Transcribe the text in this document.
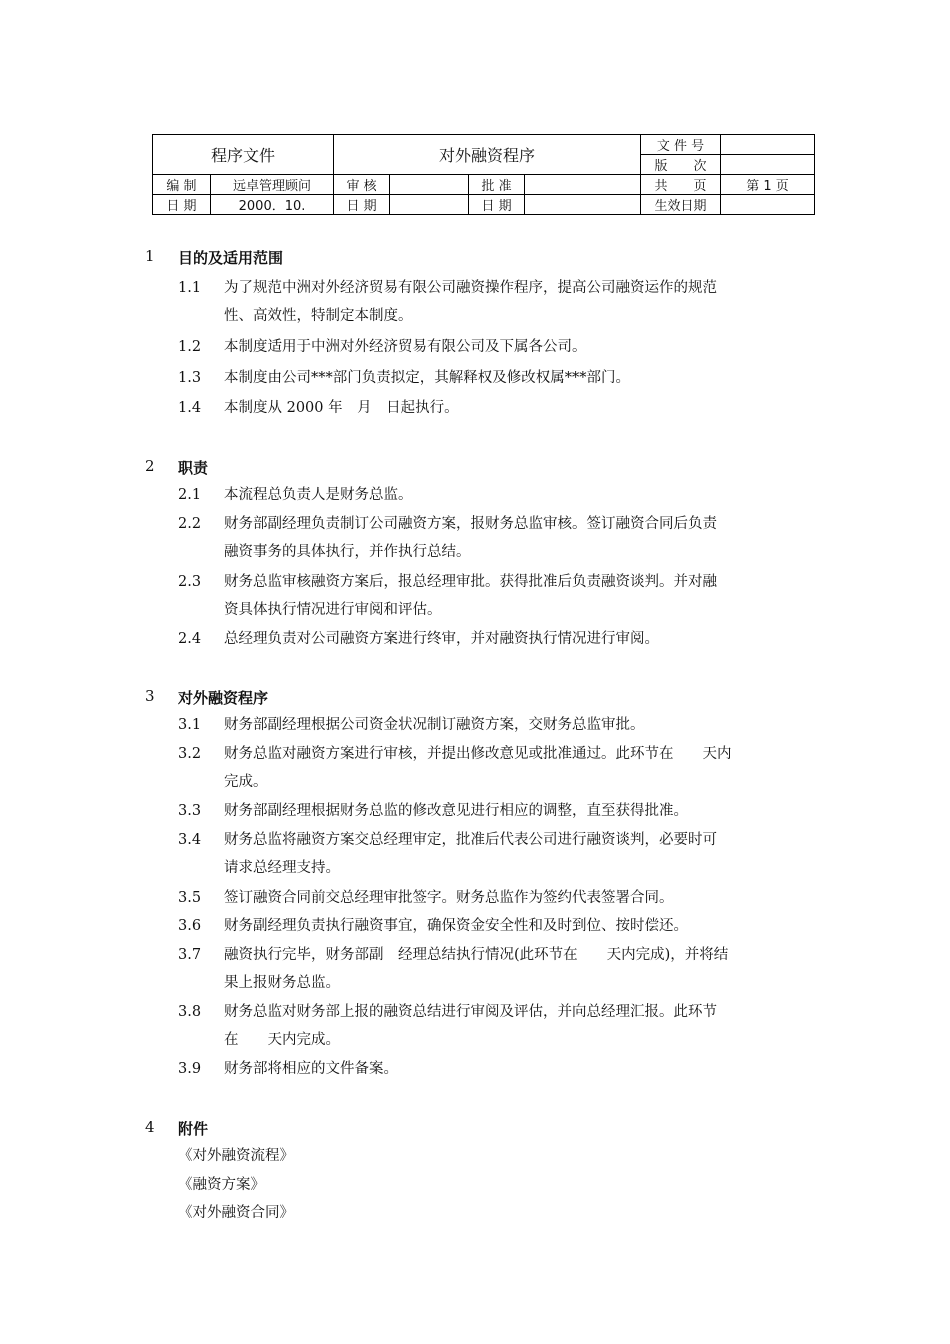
程序文件		对外融资程序				文 件 号	
						版　　次	
编 制	远卓管理顾问	审 核		批 准		共　　页	第 1 页
日 期	2000．10.	日 期		日 期		生效日期	
1 目的及适用范围
1.1	为了规范中洲对外经济贸易有限公司融资操作程序，提高公司融资运作的规范
性、高效性，特制定本制度。
1.2	本制度适用于中洲对外经济贸易有限公司及下属各公司。
1.3	本制度由公司***部门负责拟定，其解释权及修改权属***部门。
1.4	本制度从 2000 年　月　日起执行。
2 职责
2.1	本流程总负责人是财务总监。
2.2	财务部副经理负责制订公司融资方案，报财务总监审核。签订融资合同后负责
融资事务的具体执行，并作执行总结。
2.3	财务总监审核融资方案后，报总经理审批。获得批准后负责融资谈判。并对融
资具体执行情况进行审阅和评估。
2.4	总经理负责对公司融资方案进行终审，并对融资执行情况进行审阅。
3 对外融资程序
3.1	财务部副经理根据公司资金状况制订融资方案，交财务总监审批。
3.2	财务总监对融资方案进行审核，并提出修改意见或批准通过。此环节在　　天内
完成。
3.3	财务部副经理根据财务总监的修改意见进行相应的调整，直至获得批准。
3.4	财务总监将融资方案交总经理审定，批准后代表公司进行融资谈判，必要时可
请求总经理支持。
3.5	签订融资合同前交总经理审批签字。财务总监作为签约代表签署合同。
3.6	财务副经理负责执行融资事宜，确保资金安全性和及时到位、按时偿还。
3.7	融资执行完毕，财务部副　经理总结执行情况(此环节在　　天内完成)，并将结
果上报财务总监。
3.8	财务总监对财务部上报的融资总结进行审阅及评估，并向总经理汇报。此环节
在　　天内完成。
3.9	财务部将相应的文件备案。
4 附件
《对外融资流程》
《融资方案》
《对外融资合同》
